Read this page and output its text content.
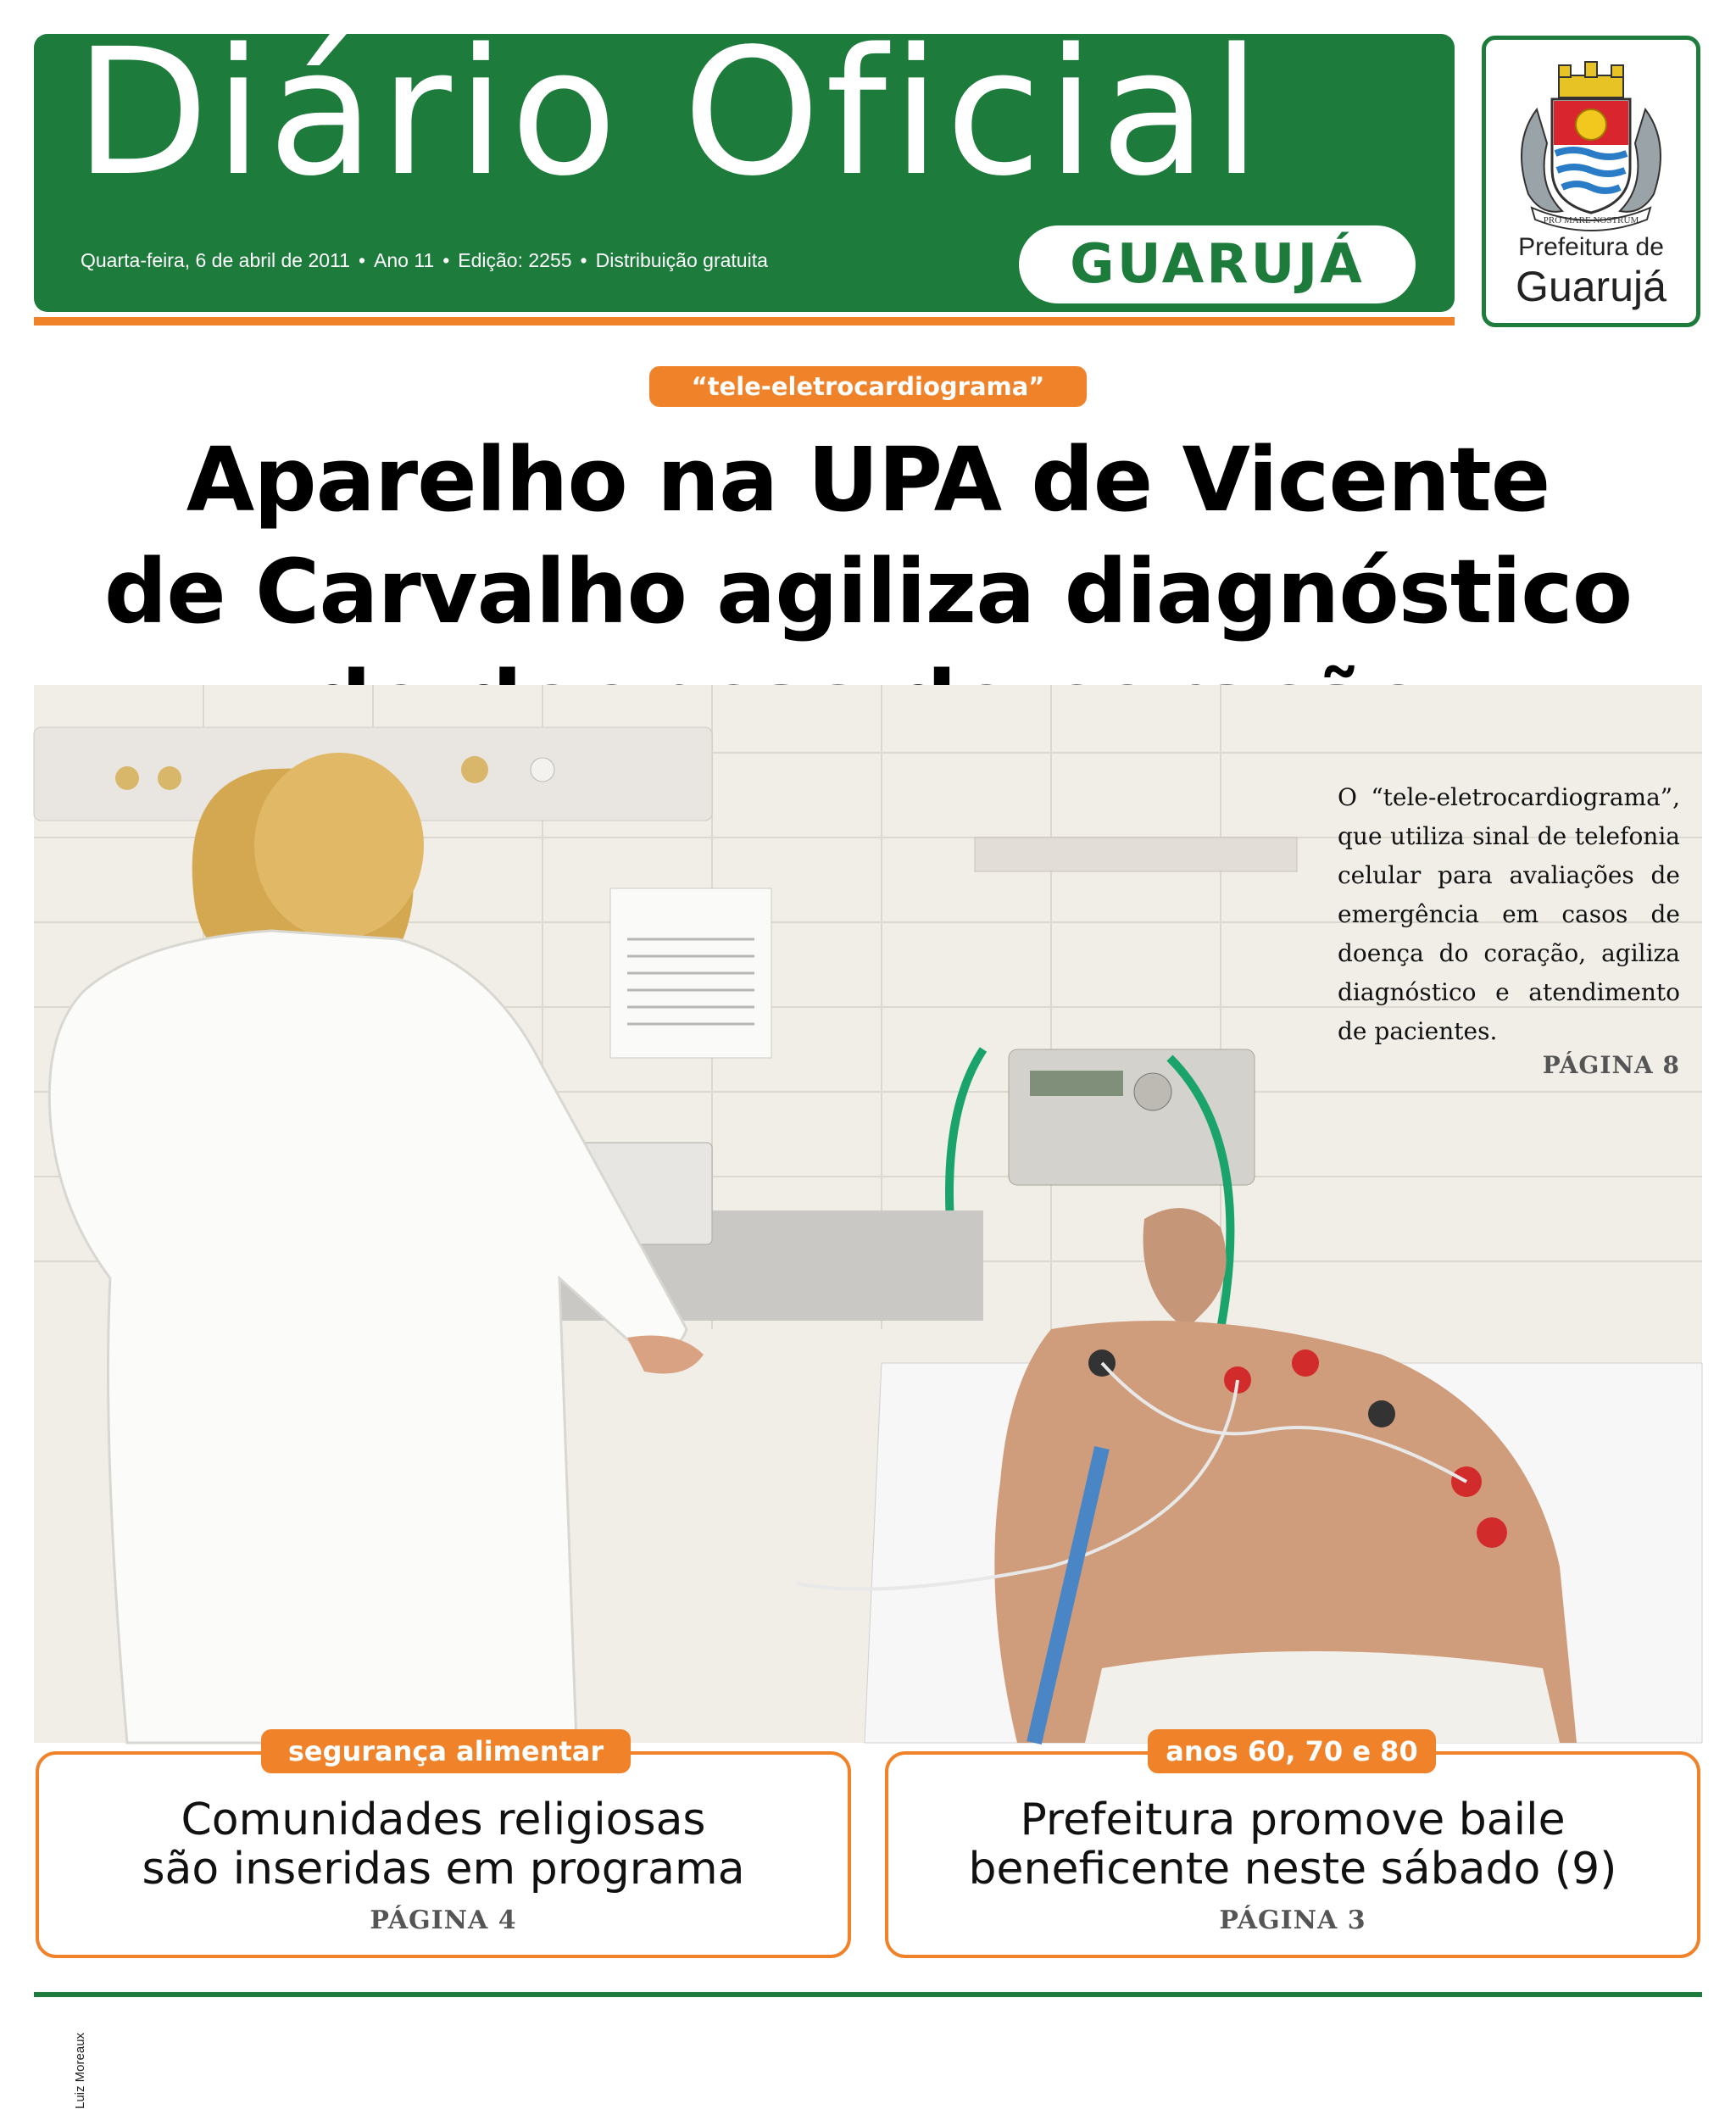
Diário Oficial
Quarta-feira, 6 de abril de 2011 • Ano 11 • Edição: 2255 • Distribuição gratuita	GUARUJÁ
PRO MARE NOSTRUM
Prefeitura de
Guarujá
“tele-eletrocardiograma”
Aparelho na UPA de Vicente
de Carvalho agiliza diagnóstico
Luiz Moreaux
O “tele-eletrocardiograma”, que utiliza sinal de telefonia celular para avaliações de emergência em casos de doença do coração, agiliza diagnóstico e atendimento de pacientes.
PÁGINA 8
segurança alimentar
Comunidades religiosas
são inseridas em programa
PÁGINA 4
anos 60, 70 e 80
Prefeitura promove baile
beneficente neste sábado (9)
PÁGINA 3
